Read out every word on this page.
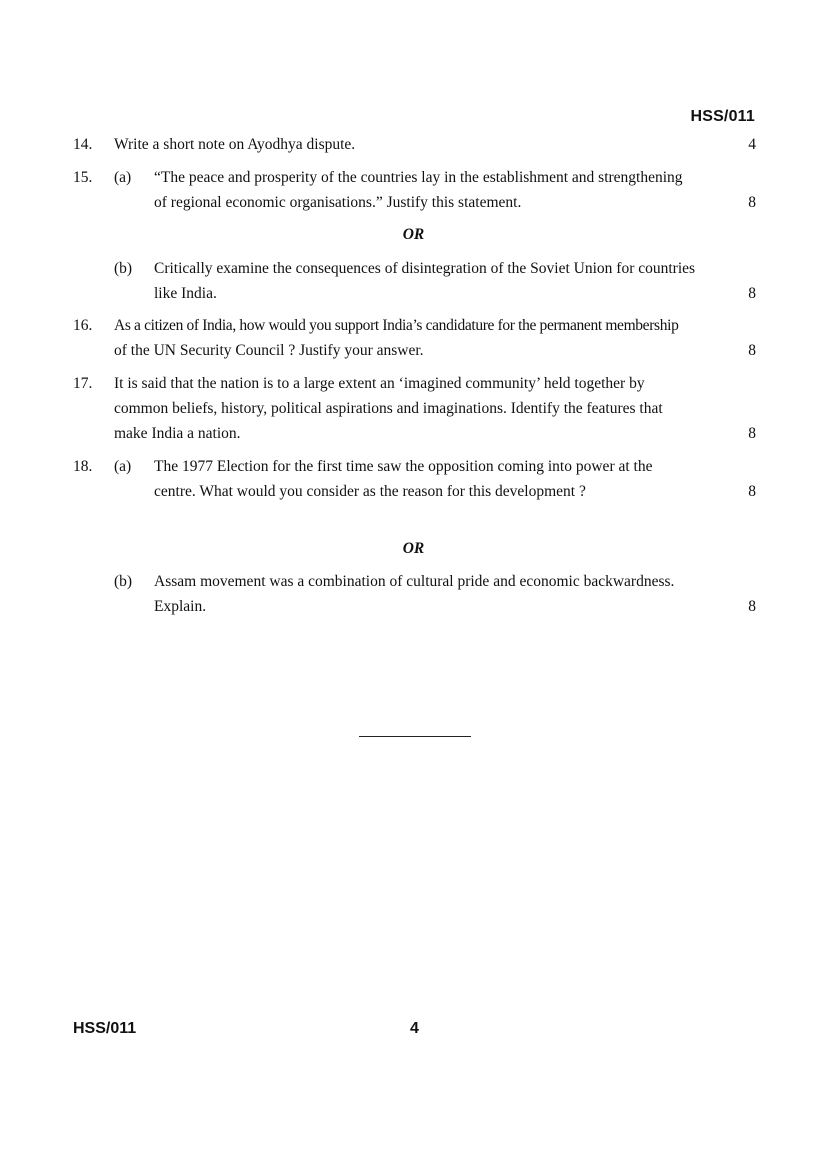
HSS/011
14. Write a short note on Ayodhya dispute.	4
15. (a) “The peace and prosperity of the countries lay in the establishment and strengthening
of regional economic organisations.” Justify this statement.	8
OR
(b) Critically examine the consequences of disintegration of the Soviet Union for countries
like India.	8
16. As a citizen of India, how would you support India’s candidature for the permanent membership
of the UN Security Council ? Justify your answer.	8
17. It is said that the nation is to a large extent an ‘imagined community’ held together by
common beliefs, history, political aspirations and imaginations. Identify the features that
make India a nation.	8
18. (a) The 1977 Election for the first time saw the opposition coming into power at the
centre. What would you consider as the reason for this development ?	8
OR
(b) Assam movement was a combination of cultural pride and economic backwardness.
Explain.	8
HSS/011	4
